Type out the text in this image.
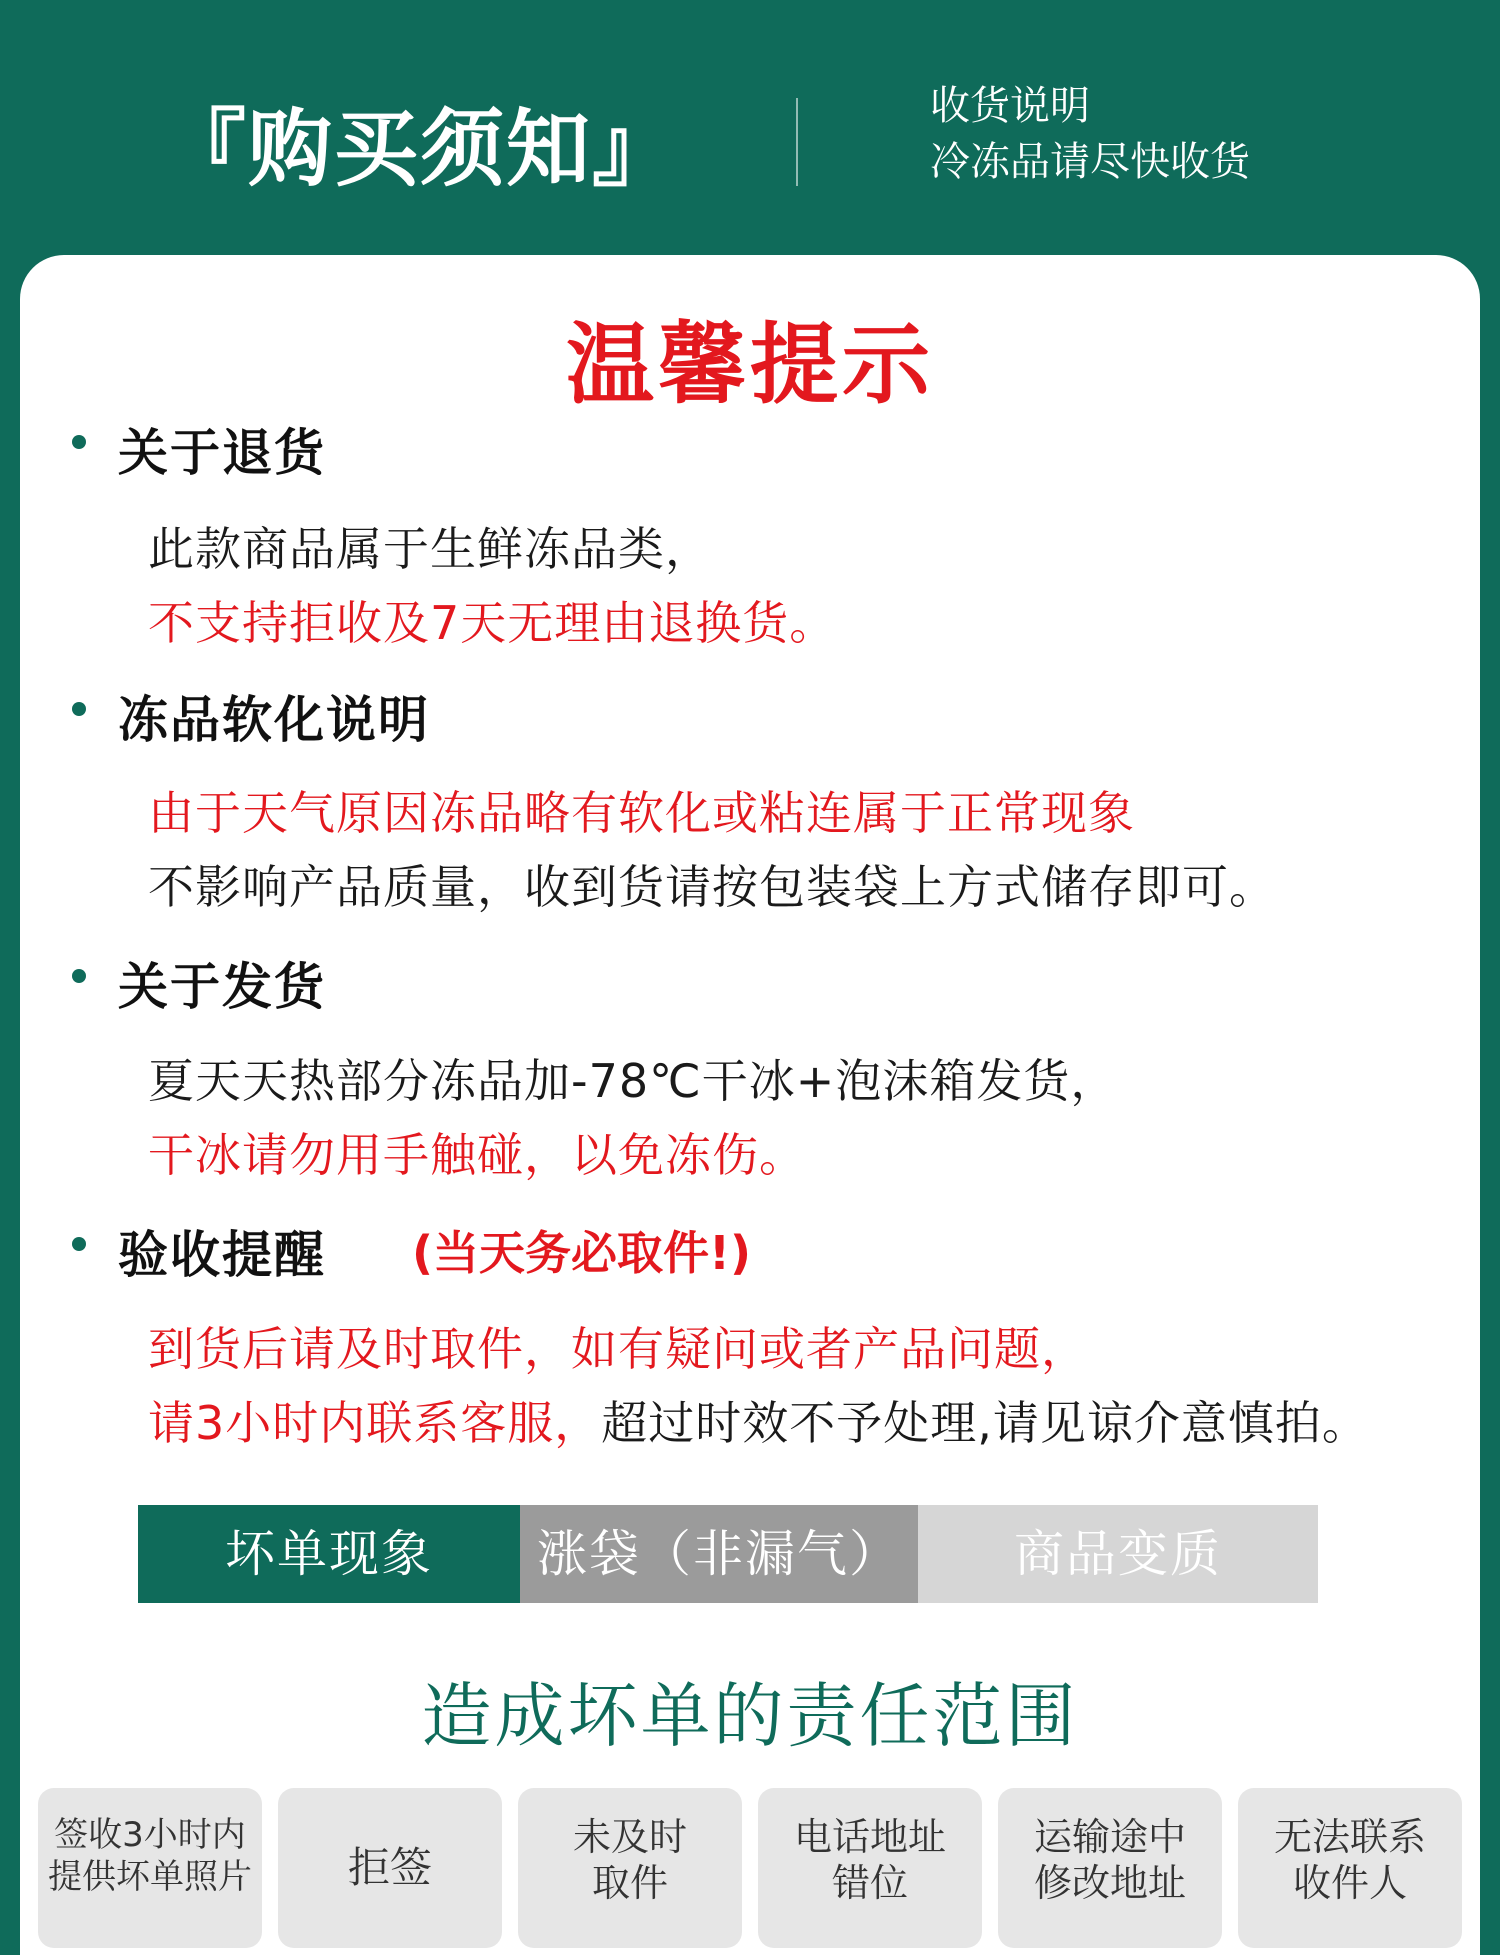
『购买须知』	收货说明
冷冻品请尽快收货
温馨提示
关于退货
此款商品属于生鲜冻品类，
不支持拒收及7天无理由退换货。
冻品软化说明
由于天气原因冻品略有软化或粘连属于正常现象
不影响产品质量，收到货请按包装袋上方式储存即可。
关于发货
夏天天热部分冻品加-78℃干冰+泡沫箱发货，
干冰请勿用手触碰，以免冻伤。
验收提醒 (当天务必取件!)
到货后请及时取件，如有疑问或者产品问题，
请3小时内联系客服，超过时效不予处理,请见谅介意慎拍。
坏单现象	涨袋（非漏气）	商品变质
造成坏单的责任范围
签收3小时内
提供坏单照片 拒签
未及时
取件
电话地址
错位
运输途中
修改地址
无法联系
收件人
